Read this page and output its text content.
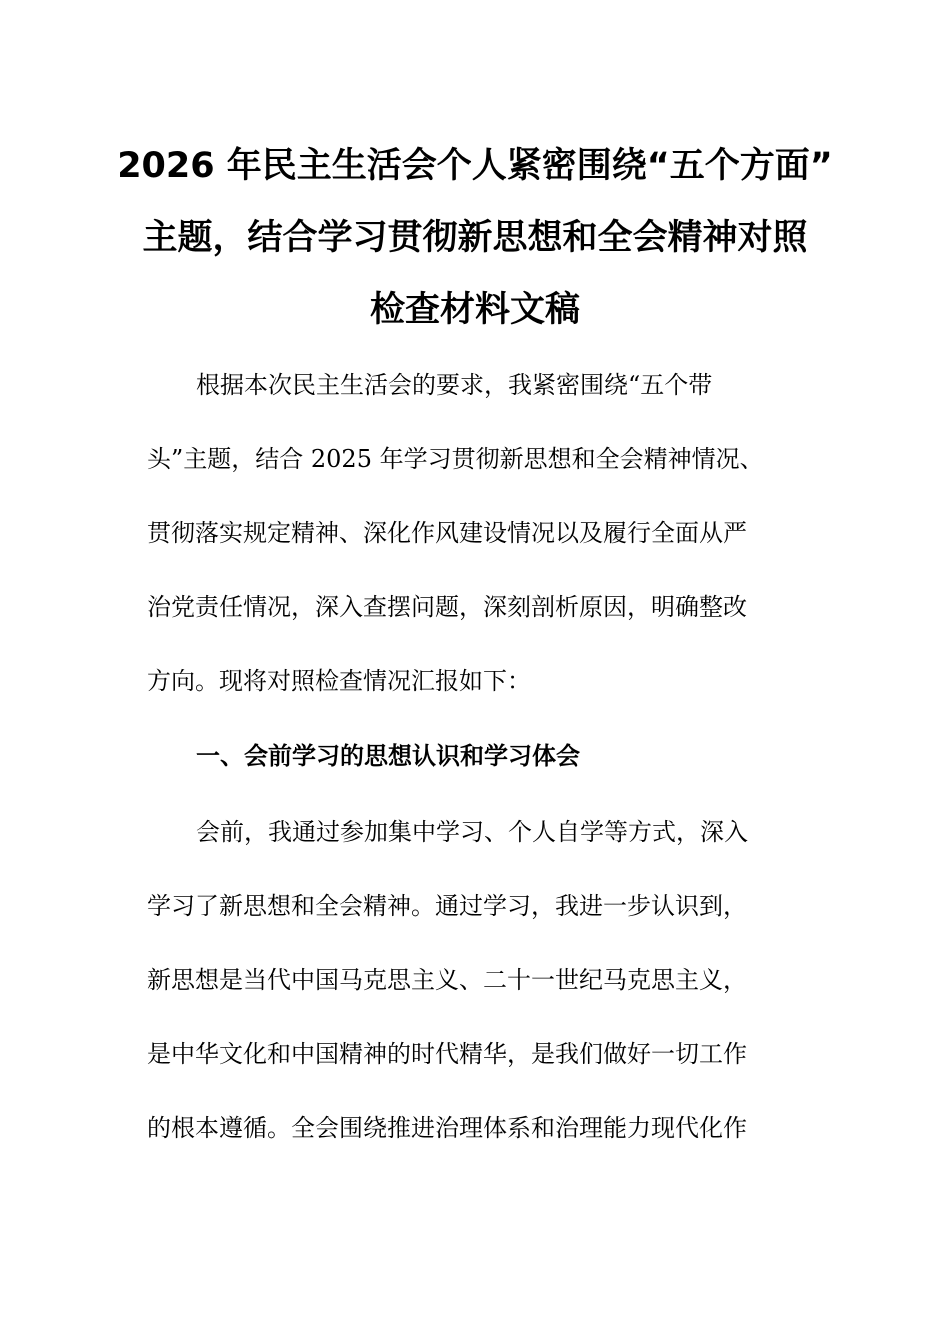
2026 年民主生活会个人紧密围绕“五个方面”
主题，结合学习贯彻新思想和全会精神对照
检查材料文稿

根据本次民主生活会的要求，我紧密围绕“五个带

头”主题，结合 2025 年学习贯彻新思想和全会精神情况、

贯彻落实规定精神、深化作风建设情况以及履行全面从严

治党责任情况，深入查摆问题，深刻剖析原因，明确整改

方向。现将对照检查情况汇报如下：

一、会前学习的思想认识和学习体会

会前，我通过参加集中学习、个人自学等方式，深入

学习了新思想和全会精神。通过学习，我进一步认识到，

新思想是当代中国马克思主义、二十一世纪马克思主义，

是中华文化和中国精神的时代精华，是我们做好一切工作

的根本遵循。全会围绕推进治理体系和治理能力现代化作
